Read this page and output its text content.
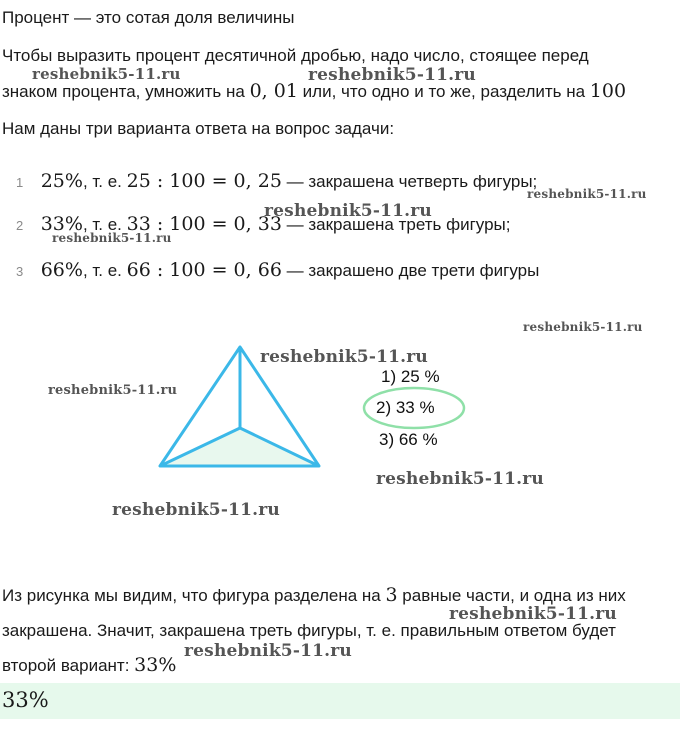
Процент — это сотая доля величины
Чтобы выразить процент десятичной дробью, надо число, стоящее перед
знаком процента, умножить на 0, 01 или, что одно и то же, разделить на 100
Нам даны три варианта ответа на вопрос задачи:
1 25%, т. е. 25 : 100 = 0, 25 — закрашена четверть фигуры;
2 33%, т. е. 33 : 100 = 0, 33 — закрашена треть фигуры;
3 66%, т. е. 66 : 100 = 0, 66 — закрашено две трети фигуры
1) 25 %
2) 33 %
3) 66 %
Из рисунка мы видим, что фигура разделена на 3 равные части, и одна из них
закрашена. Значит, закрашена треть фигуры, т. е. правильным ответом будет
второй вариант: 33%
33%
reshebnik5-11.ru	reshebnik5-11.ru
reshebnik5-11.ru
reshebnik5-11.ru
reshebnik5-11.ru
reshebnik5-11.ru
reshebnik5-11.ru
reshebnik5-11.ru
reshebnik5-11.ru
reshebnik5-11.ru
reshebnik5-11.ru
reshebnik5-11.ru
